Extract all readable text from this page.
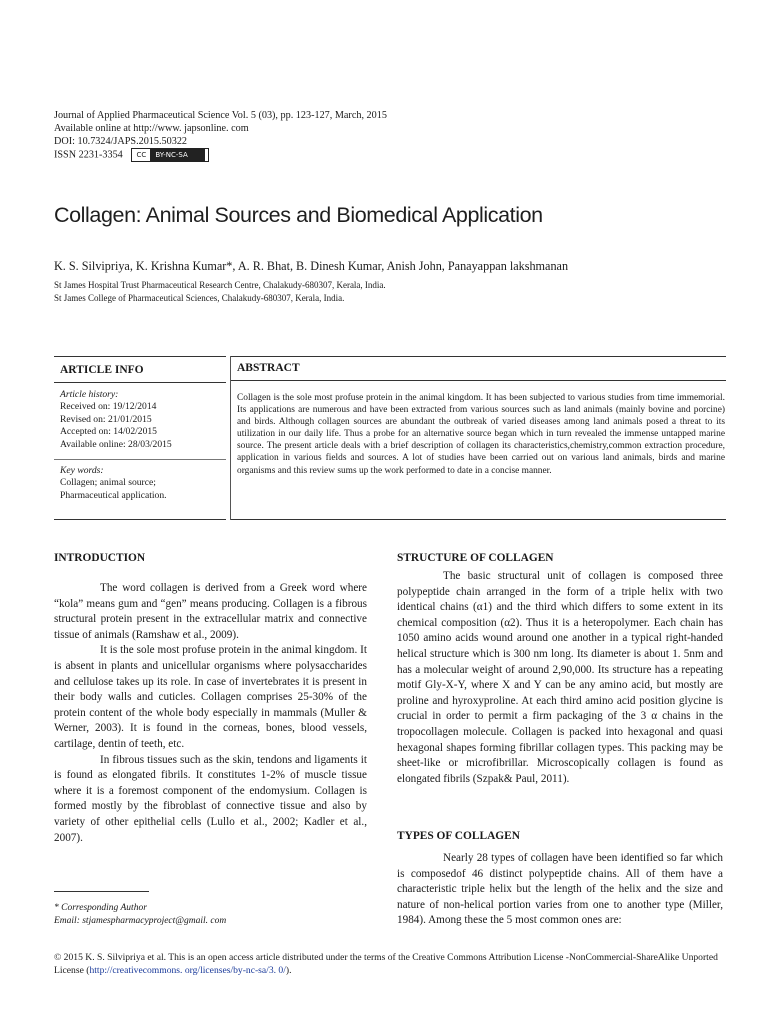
Journal of Applied Pharmaceutical Science Vol. 5 (03), pp. 123-127, March, 2015
Available online at http://www. japsonline. com
DOI: 10.7324/JAPS.2015.50322
ISSN 2231-3354 CC BY-NC-SA
Collagen: Animal Sources and Biomedical Application
K. S. Silvipriya, K. Krishna Kumar*, A. R. Bhat, B. Dinesh Kumar, Anish John, Panayappan lakshmanan
St James Hospital Trust Pharmaceutical Research Centre, Chalakudy-680307, Kerala, India.
St James College of Pharmaceutical Sciences, Chalakudy-680307, Kerala, India.
ARTICLE INFO
Article history:
Received on: 19/12/2014
Revised on: 21/01/2015
Accepted on: 14/02/2015
Available online: 28/03/2015
Key words:
Collagen; animal source;
Pharmaceutical application.
ABSTRACT
Collagen is the sole most profuse protein in the animal kingdom. It has been subjected to various studies from time immemorial. Its applications are numerous and have been extracted from various sources such as land animals (mainly bovine and porcine) and birds. Although collagen sources are abundant the outbreak of varied diseases among land animals posed a threat to its utilization in our daily life. Thus a probe for an alternative source began which in turn revealed the immense untapped marine source. The present article deals with a brief description of collagen its characteristics,chemistry,common extraction procedure, application in various fields and sources. A lot of studies have been carried out on various land animals, birds and marine organisms and this review sums up the work performed to date in a concise manner.
INTRODUCTION

The word collagen is derived from a Greek word where “kola” means gum and “gen” means producing. Collagen is a fibrous structural protein present in the extracellular matrix and connective tissue of animals (Ramshaw et al., 2009).

It is the sole most profuse protein in the animal kingdom. It is absent in plants and unicellular organisms where polysaccharides and cellulose takes up its role. In case of invertebrates it is present in their body walls and cuticles. Collagen comprises 25-30% of the protein content of the whole body especially in mammals (Muller & Werner, 2003). It is found in the corneas, bones, blood vessels, cartilage, dentin of teeth, etc.

In fibrous tissues such as the skin, tendons and ligaments it is found as elongated fibrils. It constitutes 1-2% of muscle tissue where it is a foremost component of the endomysium. Collagen is formed mostly by the fibroblast of connective tissue and also by variety of other epithelial cells (Lullo et al., 2002; Kadler et al., 2007).

* Corresponding Author
Email: stjamespharmacyproject@gmail. com
STRUCTURE OF COLLAGEN

The basic structural unit of collagen is composed three polypeptide chain arranged in the form of a triple helix with two identical chains (α1) and the third which differs to some extent in its chemical composition (α2). Thus it is a heteropolymer. Each chain has 1050 amino acids wound around one another in a typical right-handed helical structure which is 300 nm long. Its diameter is about 1. 5nm and has a molecular weight of around 2,90,000. Its structure has a repeating motif Gly-X-Y, where X and Y can be any amino acid, but mostly are proline and hyroxyproline. At each third amino acid position glycine is crucial in order to permit a firm packaging of the 3 α chains in the tropocollagen molecule. Collagen is packed into hexagonal and quasi hexagonal shapes forming fibrillar collagen types. This packing may be sheet-like or microfibrillar. Microscopically collagen is found as elongated fibrils (Szpak& Paul, 2011).

TYPES OF COLLAGEN

Nearly 28 types of collagen have been identified so far which is composedof 46 distinct polypeptide chains. All of them have a characteristic triple helix but the length of the helix and the size and nature of non-helical portion varies from one to another type (Miller, 1984). Among these the 5 most common ones are:

© 2015 K. S. Silvipriya et al. This is an open access article distributed under the terms of the Creative Commons Attribution License -NonCommercial-ShareAlike Unported License (http://creativecommons. org/licenses/by-nc-sa/3. 0/).
